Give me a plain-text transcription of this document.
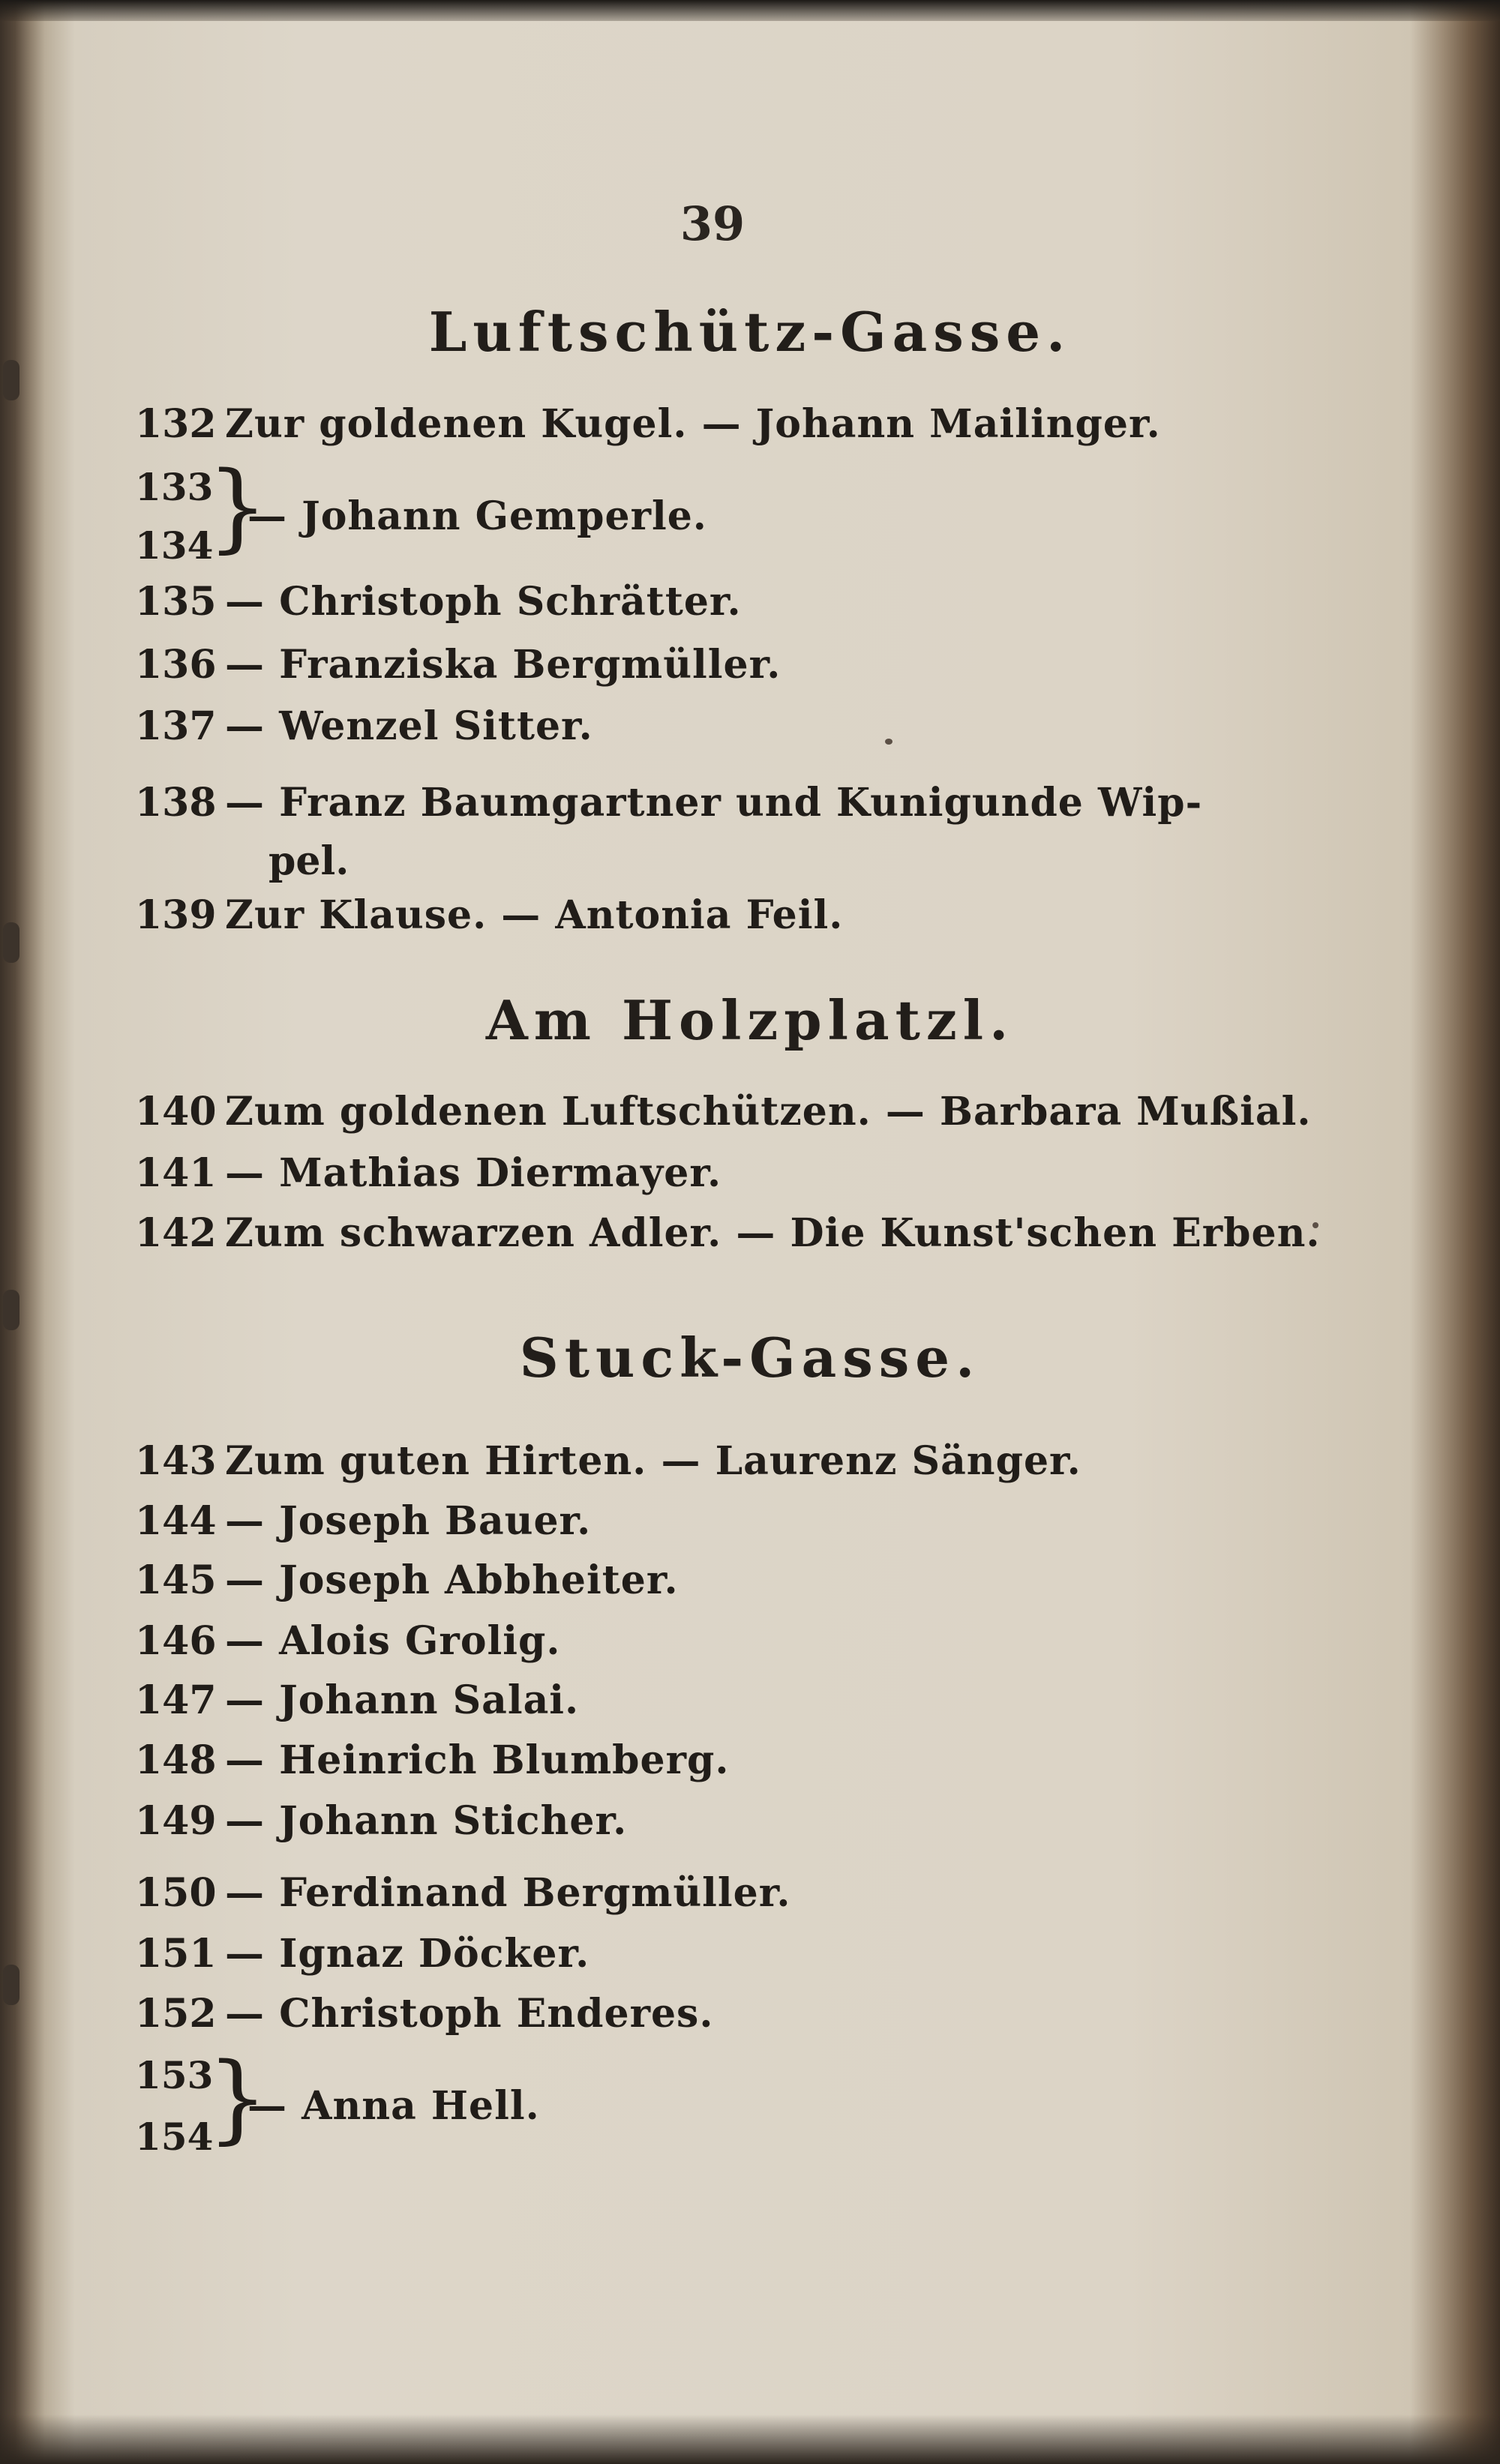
39
Luftschütz-Gasse.
132 Zur goldenen Kugel. — Johann Mailinger.
133
134
}
— Johann Gemperle.
135 — Christoph Schrätter.
136 — Franziska Bergmüller.
137 — Wenzel Sitter.
138 — Franz Baumgartner und Kunigunde Wip-
pel.
139 Zur Klause. — Antonia Feil.
Am Holzplatzl.
140 Zum goldenen Luftschützen. — Barbara Mußial.
141 — Mathias Diermayer.
142 Zum schwarzen Adler. — Die Kunst'schen Erben.
Stuck-Gasse.
143 Zum guten Hirten. — Laurenz Sänger.
144 — Joseph Bauer.
145 — Joseph Abbheiter.
146 — Alois Grolig.
147 — Johann Salai.
148 — Heinrich Blumberg.
149 — Johann Sticher.
150 — Ferdinand Bergmüller.
151 — Ignaz Döcker.
152 — Christoph Enderes.
153
154
}
— Anna Hell.
